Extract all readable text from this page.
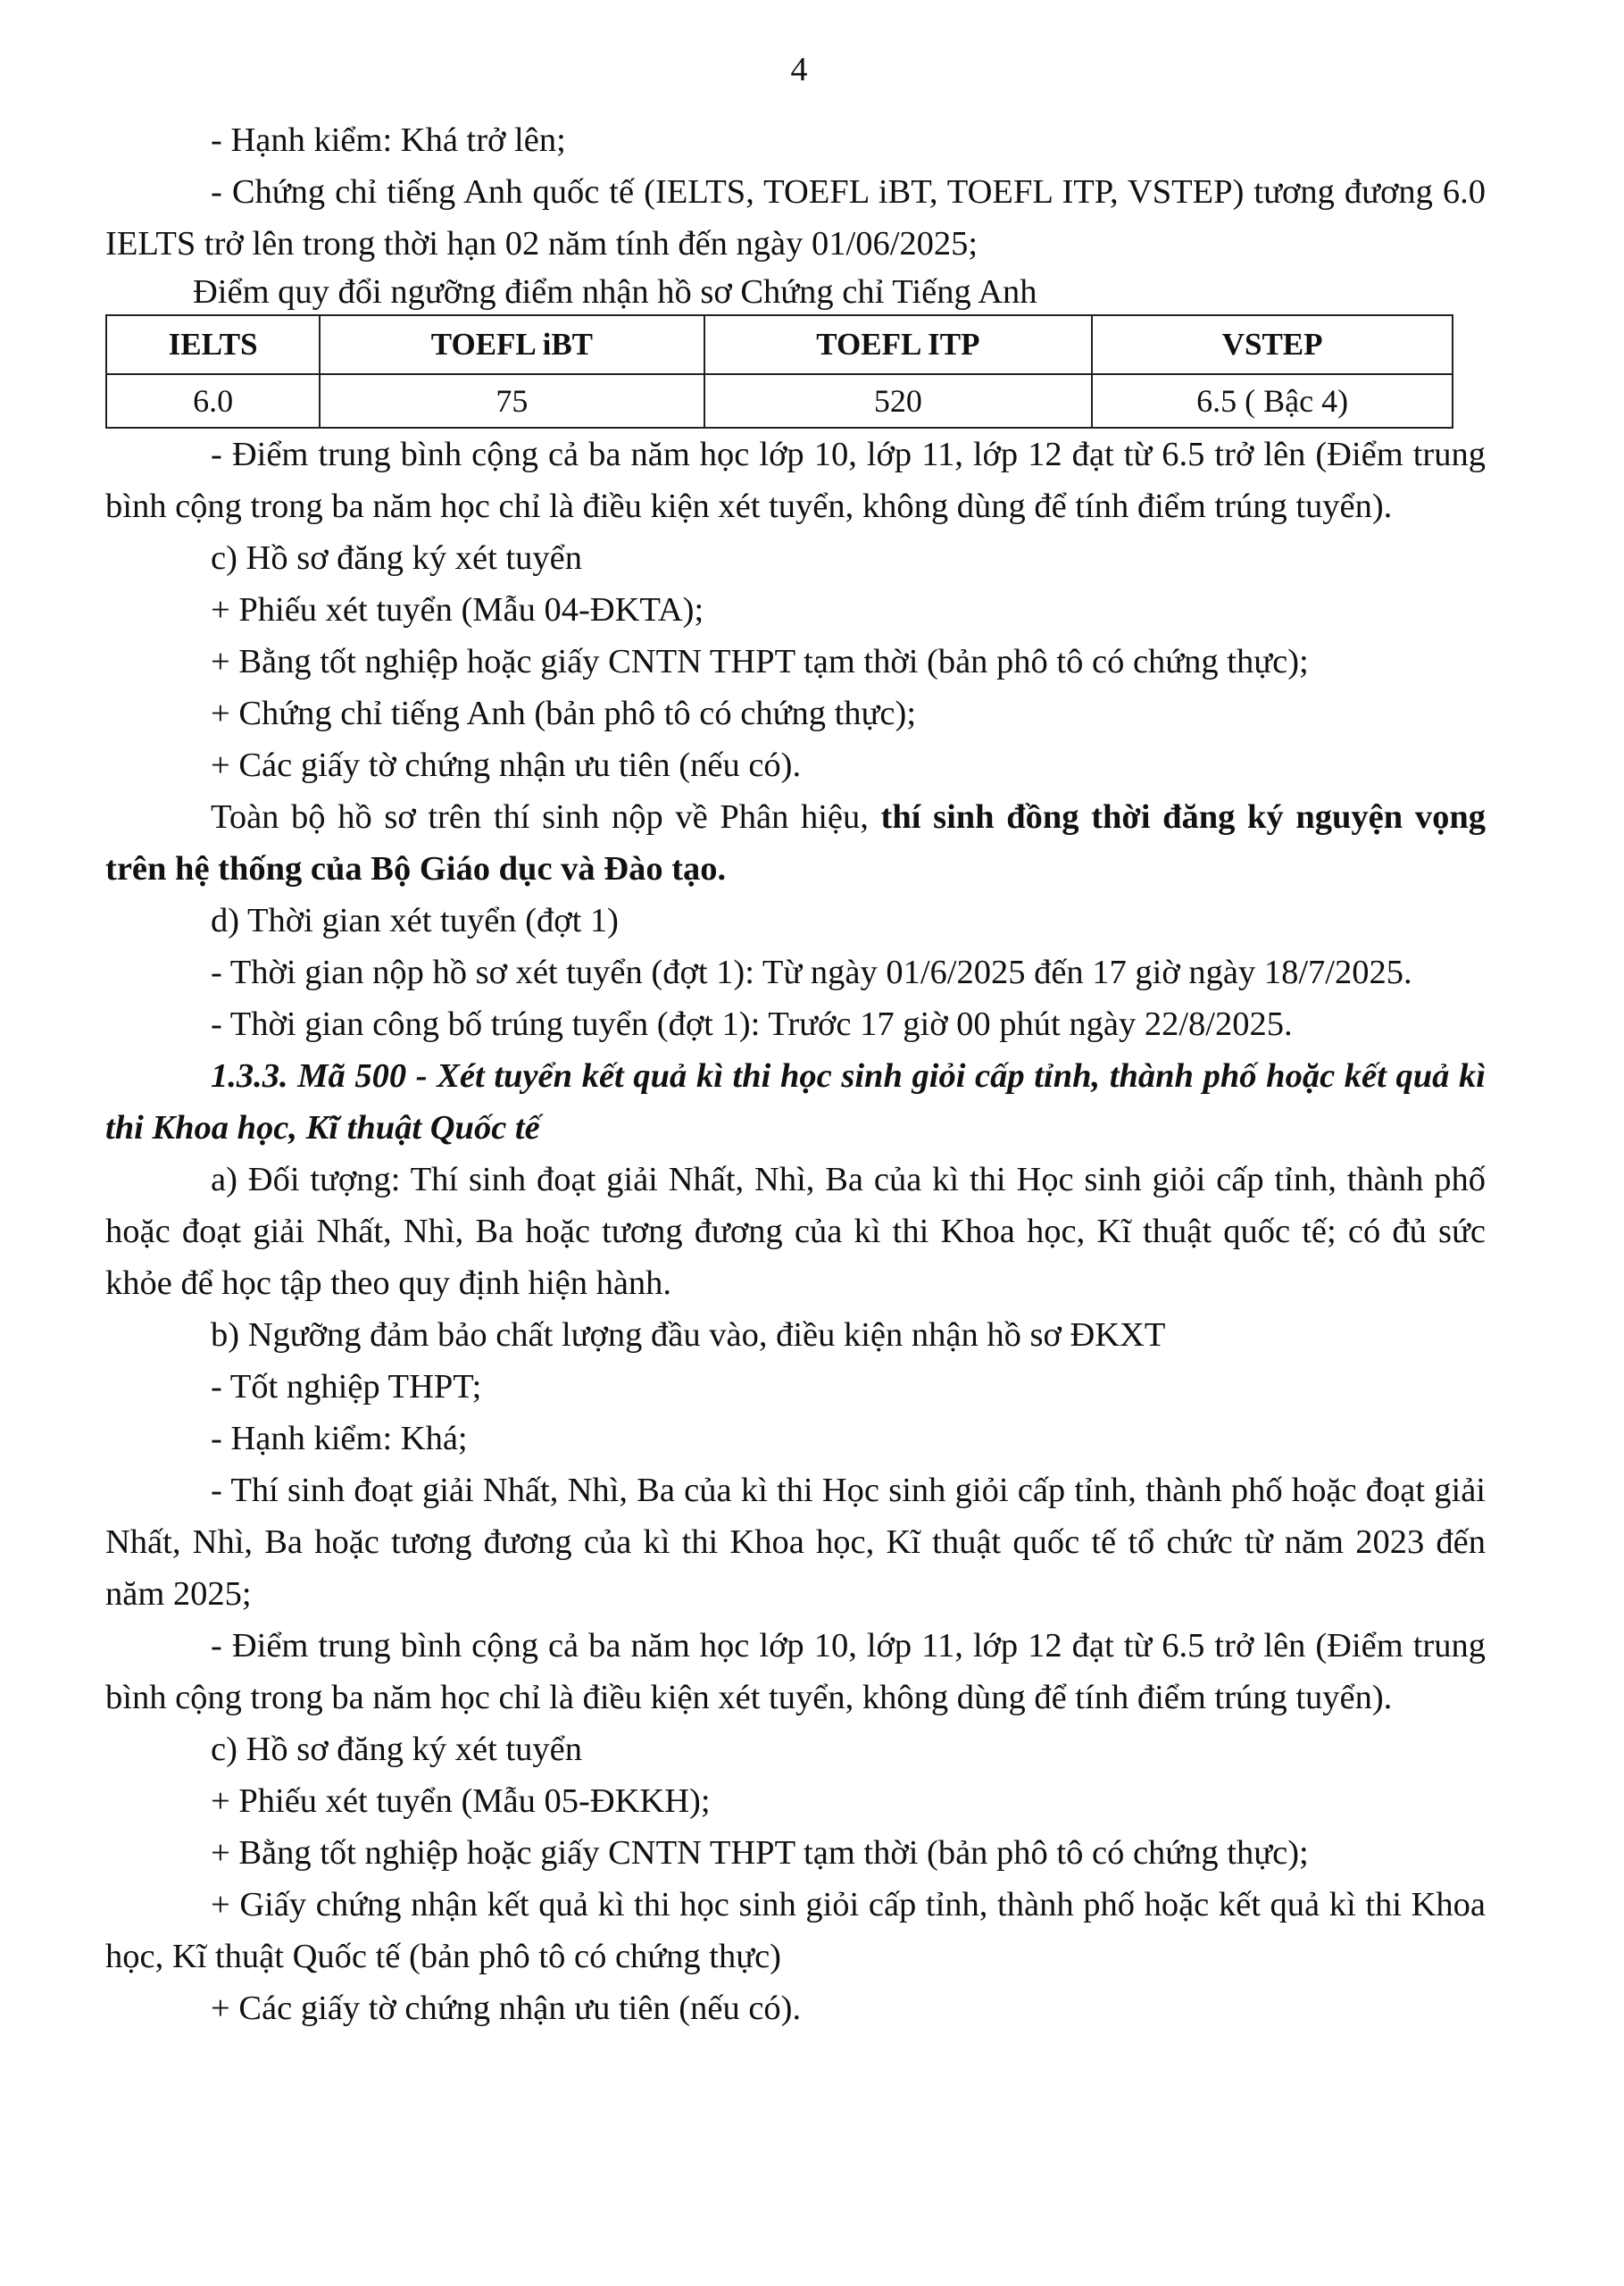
4

- Hạnh kiểm: Khá trở lên;

- Chứng chỉ tiếng Anh quốc tế (IELTS, TOEFL iBT, TOEFL ITP, VSTEP) tương đương 6.0 IELTS trở lên trong thời hạn 02 năm tính đến ngày 01/06/2025;

Điểm quy đổi ngưỡng điểm nhận hồ sơ Chứng chỉ Tiếng Anh

IELTS	TOEFL iBT	TOEFL ITP	VSTEP
6.0	75	520	6.5 ( Bậc 4)

- Điểm trung bình cộng cả ba năm học lớp 10, lớp 11, lớp 12 đạt từ 6.5 trở lên (Điểm trung bình cộng trong ba năm học chỉ là điều kiện xét tuyển, không dùng để tính điểm trúng tuyển).

c) Hồ sơ đăng ký xét tuyển

+ Phiếu xét tuyển (Mẫu 04-ĐKTA);

+ Bằng tốt nghiệp hoặc giấy CNTN THPT tạm thời (bản phô tô có chứng thực);

+ Chứng chỉ tiếng Anh (bản phô tô có chứng thực);

+ Các giấy tờ chứng nhận ưu tiên (nếu có).

Toàn bộ hồ sơ trên thí sinh nộp về Phân hiệu, thí sinh đồng thời đăng ký nguyện vọng trên hệ thống của Bộ Giáo dục và Đào tạo.

d) Thời gian xét tuyển (đợt 1)

- Thời gian nộp hồ sơ xét tuyển (đợt 1): Từ ngày 01/6/2025 đến 17 giờ ngày 18/7/2025.

- Thời gian công bố trúng tuyển (đợt 1): Trước 17 giờ 00 phút ngày 22/8/2025.

1.3.3. Mã 500 - Xét tuyển kết quả kì thi học sinh giỏi cấp tỉnh, thành phố hoặc kết quả kì thi Khoa học, Kĩ thuật Quốc tế

a) Đối tượng: Thí sinh đoạt giải Nhất, Nhì, Ba của kì thi Học sinh giỏi cấp tỉnh, thành phố hoặc đoạt giải Nhất, Nhì, Ba hoặc tương đương của kì thi Khoa học, Kĩ thuật quốc tế; có đủ sức khỏe để học tập theo quy định hiện hành.

b) Ngưỡng đảm bảo chất lượng đầu vào, điều kiện nhận hồ sơ ĐKXT

- Tốt nghiệp THPT;

- Hạnh kiểm: Khá;

- Thí sinh đoạt giải Nhất, Nhì, Ba của kì thi Học sinh giỏi cấp tỉnh, thành phố hoặc đoạt giải Nhất, Nhì, Ba hoặc tương đương của kì thi Khoa học, Kĩ thuật quốc tế tổ chức từ năm 2023 đến năm 2025;

- Điểm trung bình cộng cả ba năm học lớp 10, lớp 11, lớp 12 đạt từ 6.5 trở lên (Điểm trung bình cộng trong ba năm học chỉ là điều kiện xét tuyển, không dùng để tính điểm trúng tuyển).

c) Hồ sơ đăng ký xét tuyển

+ Phiếu xét tuyển (Mẫu 05-ĐKKH);

+ Bằng tốt nghiệp hoặc giấy CNTN THPT tạm thời (bản phô tô có chứng thực);

+ Giấy chứng nhận kết quả kì thi học sinh giỏi cấp tỉnh, thành phố hoặc kết quả kì thi Khoa học, Kĩ thuật Quốc tế (bản phô tô có chứng thực)

+ Các giấy tờ chứng nhận ưu tiên (nếu có).
